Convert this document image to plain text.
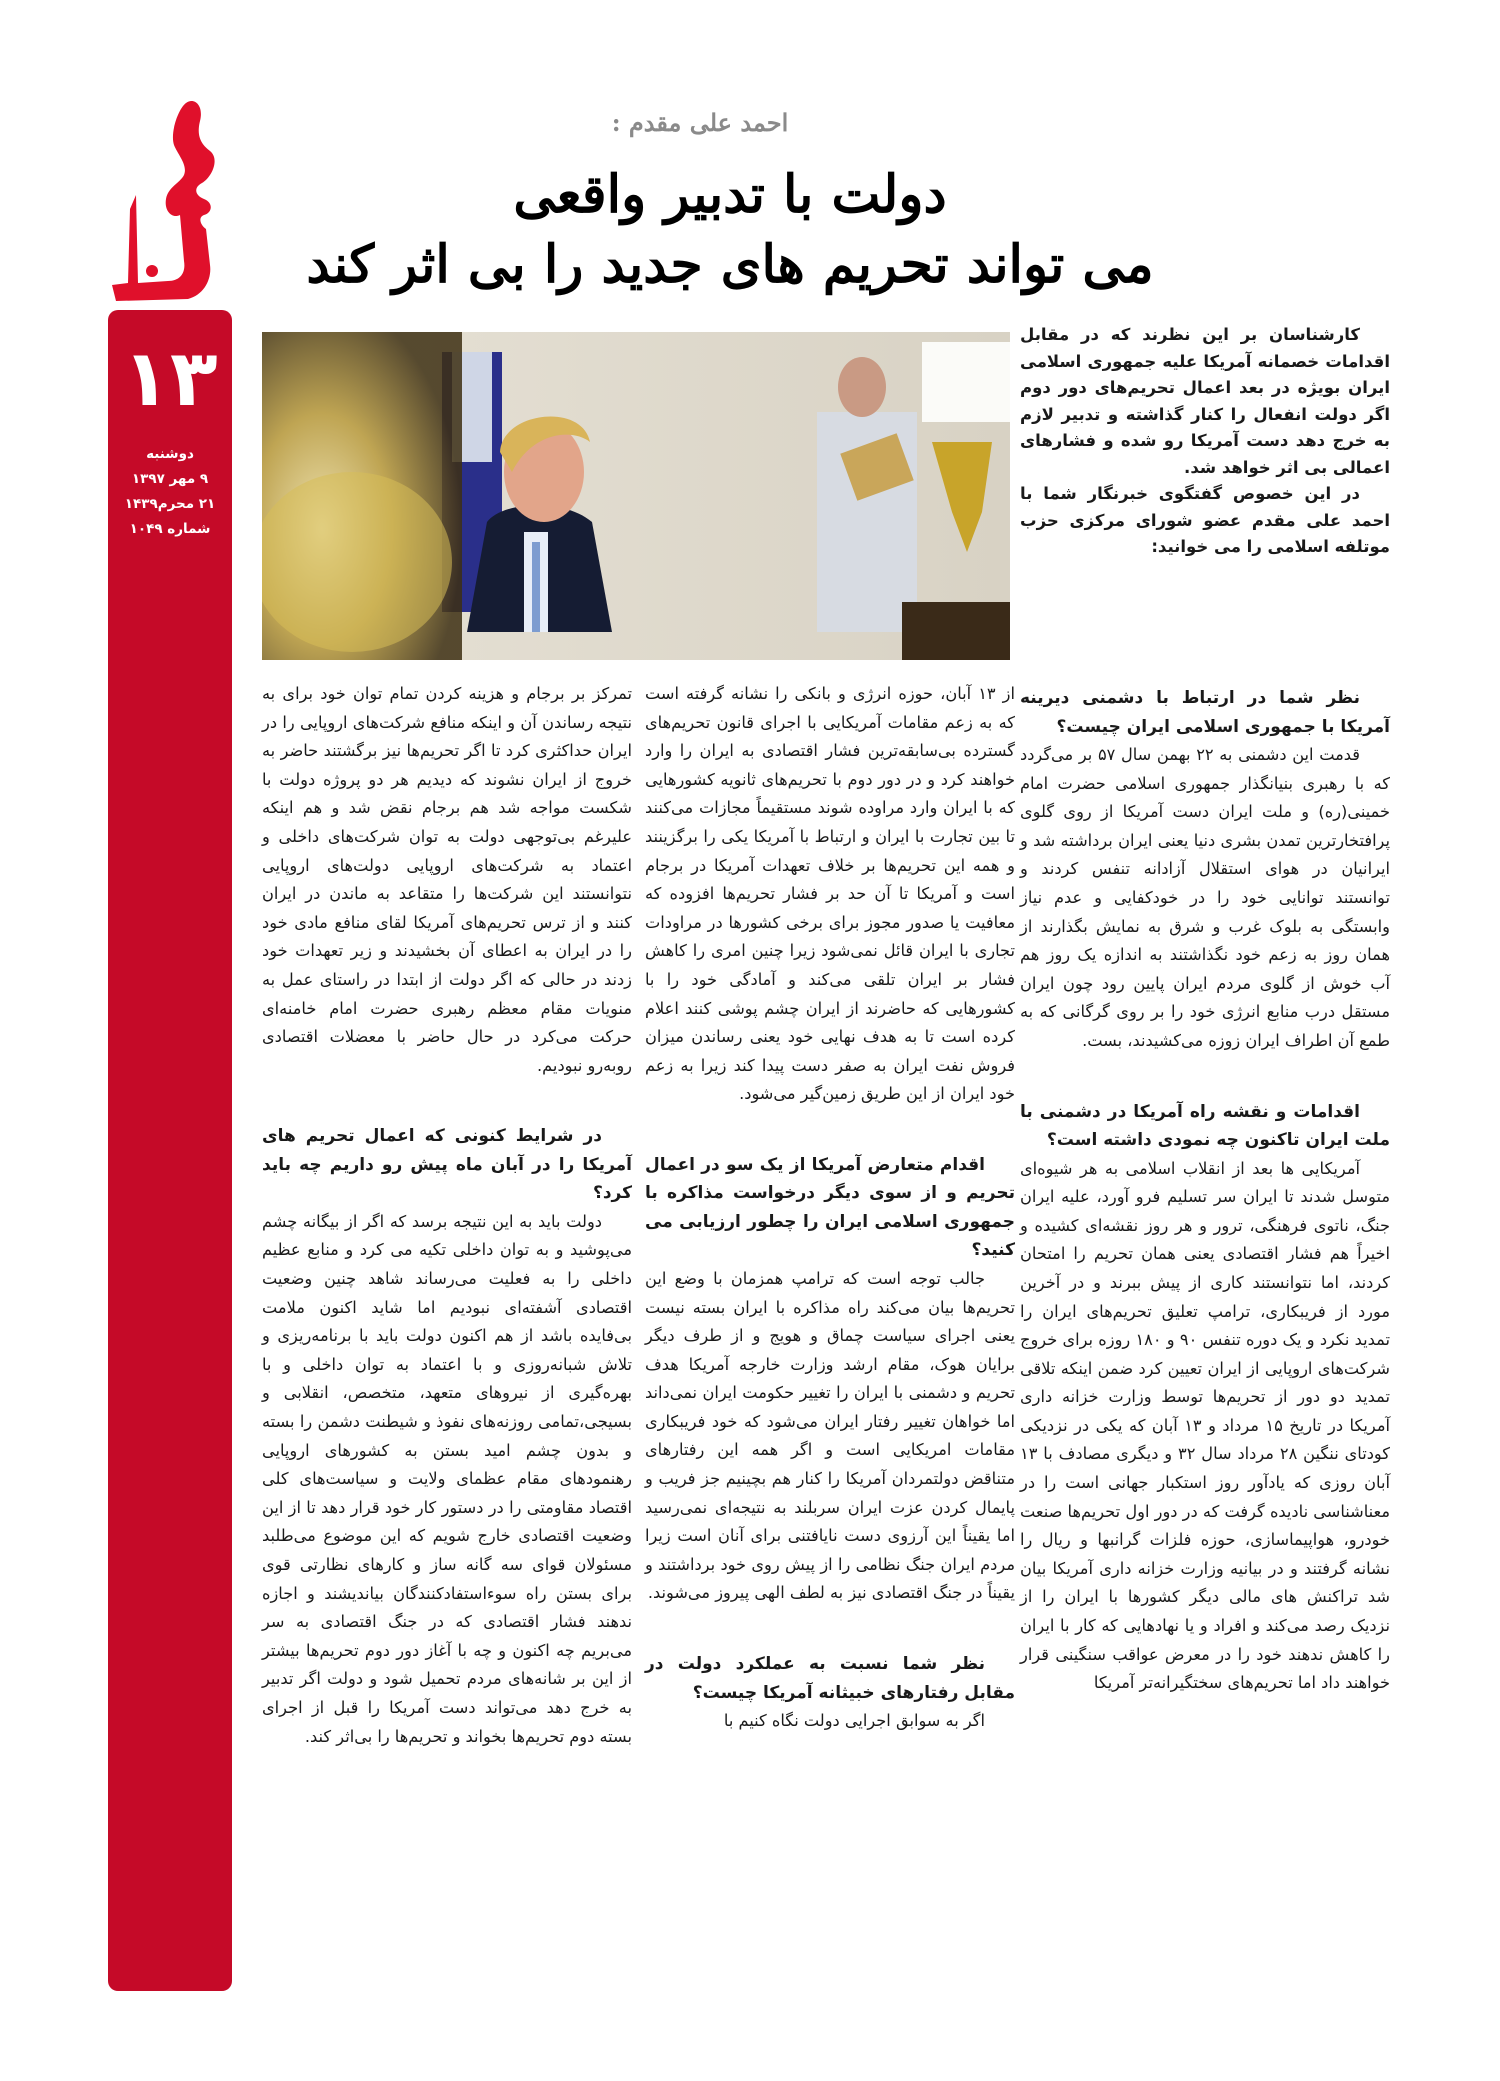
۱۳
دوشنبه
۹ مهر ۱۳۹۷
۲۱ محرم۱۴۳۹
شماره ۱۰۴۹
احمد علی مقدم :
دولت با تدبیر واقعی
می تواند تحریم های جدید را بی اثر کند

کارشناسان بر این نظرند که در مقابل اقدامات خصمانه آمریکا علیه جمهوری اسلامی ایران بویژه در بعد اعمال تحریم‌های دور دوم اگر دولت انفعال را کنار گذاشته و تدبیر لازم به خرج دهد دست آمریکا رو شده و فشارهای اعمالی بی اثر خواهد شد.

در این خصوص گفتگوی خبرنگار شما با احمد علی مقدم عضو شورای مرکزی حزب موتلفه اسلامی را می خوانید:

نظر شما در ارتباط با دشمنی دیرینه آمریکا با جمهوری اسلامی ایران چیست؟

قدمت این دشمنی به ۲۲ بهمن سال ۵۷ بر می‌گردد که با رهبری بنیانگذار جمهوری اسلامی حضرت امام خمینی(ره) و ملت ایران دست آمریکا از روی گلوی پرافتخارترین تمدن بشری دنیا یعنی ایران برداشته شد و ایرانیان در هوای استقلال آزادانه تنفس کردند و توانستند توانایی خود را در خودکفایی و عدم نیاز وابستگی به بلوک غرب و شرق به نمایش بگذارند از همان روز به زعم خود نگذاشتند به اندازه یک روز هم آب خوش از گلوی مردم ایران پایین رود چون ایران مستقل درب منابع انرژی خود را بر روی گرگانی که به طمع آن اطراف ایران زوزه می‌کشیدند، بست.

اقدامات و نقشه راه آمریکا در دشمنی با ملت ایران تاکنون چه نمودی داشته است؟

آمریکایی ها بعد از انقلاب اسلامی به هر شیوه‌ای متوسل شدند تا ایران سر تسلیم فرو آورد، علیه ایران جنگ، ناتوی فرهنگی، ترور و هر روز نقشه‌ای کشیده و اخیراً هم فشار اقتصادی یعنی همان تحریم را امتحان کردند، اما نتوانستند کاری از پیش ببرند و در آخرین مورد از فریبکاری، ترامپ تعلیق تحریم‌های ایران را تمدید نکرد و یک دوره تنفس ۹۰ و ۱۸۰ روزه برای خروج شرکت‌های اروپایی از ایران تعیین کرد ضمن اینکه تلاقی تمدید دو دور از تحریم‌ها توسط وزارت خزانه داری آمریکا در تاریخ ۱۵ مرداد و ۱۳ آبان که یکی در نزدیکی کودتای ننگین ۲۸ مرداد سال ۳۲ و دیگری مصادف با ۱۳ آبان روزی که یادآور روز استکبار جهانی است را در معناشناسی نادیده گرفت که در دور اول تحریم‌ها صنعت خودرو، هواپیماسازی، حوزه فلزات گرانبها و ریال را نشانه گرفتند و در بیانیه وزارت خزانه داری آمریکا بیان شد تراکنش های مالی دیگر کشورها با ایران را از نزدیک رصد می‌کند و افراد و یا نهادهایی که کار با ایران را کاهش ندهند خود را در معرض عواقب سنگینی قرار خواهند داد اما تحریم‌های سختگیرانه‌تر آمریکا

از ۱۳ آبان، حوزه انرژی و بانکی را نشانه گرفته است که به زعم مقامات آمریکایی با اجرای قانون تحریم‌های گسترده بی‌سابقه‌ترین فشار اقتصادی به ایران را وارد خواهند کرد و در دور دوم با تحریم‌های ثانویه کشورهایی که با ایران وارد مراوده شوند مستقیماً مجازات می‌کنند تا بین تجارت با ایران و ارتباط با آمریکا یکی را برگزینند و همه این تحریم‌ها بر خلاف تعهدات آمریکا در برجام است و آمریکا تا آن حد بر فشار تحریم‌ها افزوده که معافیت یا صدور مجوز برای برخی کشورها در مراودات تجاری با ایران قائل نمی‌شود زیرا چنین امری را کاهش فشار بر ایران تلقی می‌کند و آمادگی خود را با کشورهایی که حاضرند از ایران چشم پوشی کنند اعلام کرده است تا به هدف نهایی خود یعنی رساندن میزان فروش نفت ایران به صفر دست پیدا کند زیرا به زعم خود ایران از این طریق زمین‌گیر می‌شود.

اقدام متعارض آمریکا از یک سو در اعمال تحریم و از سوی دیگر درخواست مذاکره با جمهوری اسلامی ایران را چطور ارزیابی می کنید؟

جالب توجه است که ترامپ همزمان با وضع این تحریم‌ها بیان می‌کند راه مذاکره با ایران بسته نیست یعنی اجرای سیاست چماق و هویج و از طرف دیگر برایان هوک، مقام ارشد وزارت خارجه آمریکا هدف تحریم و دشمنی با ایران را تغییر حکومت ایران نمی‌داند اما خواهان تغییر رفتار ایران می‌شود که خود فریبکاری مقامات امریکایی است و اگر همه این رفتارهای متناقض دولتمردان آمریکا را کنار هم بچینیم جز فریب و پایمال کردن عزت ایران سربلند به نتیجه‌ای نمی‌رسید اما یقیناً این آرزوی دست نایافتنی برای آنان است زیرا مردم ایران جنگ نظامی را از پیش روی خود برداشتند و یقیناً در جنگ اقتصادی نیز به لطف الهی پیروز می‌شوند.

نظر شما نسبت به عملکرد دولت در مقابل رفتارهای خبیثانه آمریکا چیست؟

اگر به سوابق اجرایی دولت نگاه کنیم با

تمرکز بر برجام و هزینه کردن تمام توان خود برای به نتیجه رساندن آن و اینکه منافع شرکت‌های اروپایی را در ایران حداکثری کرد تا اگر تحریم‌ها نیز برگشتند حاضر به خروج از ایران نشوند که دیدیم هر دو پروژه دولت با شکست مواجه شد هم برجام نقض شد و هم اینکه علیرغم بی‌توجهی دولت به توان شرکت‌های داخلی و اعتماد به شرکت‌های اروپایی دولت‌های اروپایی نتوانستند این شرکت‌ها را متقاعد به ماندن در ایران کنند و از ترس تحریم‌های آمریکا لقای منافع مادی خود را در ایران به اعطای آن بخشیدند و زیر تعهدات خود زدند در حالی که اگر دولت از ابتدا در راستای عمل به منویات مقام معظم رهبری حضرت امام خامنه‌ای حرکت می‌کرد در حال حاضر با معضلات اقتصادی روبه‌رو نبودیم.

در شرایط کنونی که اعمال تحریم های آمریکا را در آبان ماه پیش رو داریم چه باید کرد؟

دولت باید به این نتیجه برسد که اگر از بیگانه چشم می‌پوشید و به توان داخلی تکیه می کرد و منابع عظیم داخلی را به فعلیت می‌رساند شاهد چنین وضعیت اقتصادی آشفته‌ای نبودیم اما شاید اکنون ملامت بی‌فایده باشد از هم اکنون دولت باید با برنامه‌ریزی و تلاش شبانه‌روزی و با اعتماد به توان داخلی و با بهره‌گیری از نیروهای متعهد، متخصص، انقلابی و بسیجی،تمامی روزنه‌های نفوذ و شیطنت دشمن را بسته و بدون چشم امید بستن به کشورهای اروپایی رهنمودهای مقام عظمای ولایت و سیاست‌های کلی اقتصاد مقاومتی را در دستور کار خود قرار دهد تا از این وضعیت اقتصادی خارج شویم که این موضوع می‌طلبد مسئولان قوای سه گانه ساز و کارهای نظارتی قوی برای بستن راه سوءاستفادکنندگان بیاندیشند و اجازه ندهند فشار اقتصادی که در جنگ اقتصادی به سر می‌بریم چه اکنون و چه با آغاز دور دوم تحریم‌ها بیشتر از این بر شانه‌های مردم تحمیل شود و دولت اگر تدبیر به خرج دهد می‌تواند دست آمریکا را قبل از اجرای بسته دوم تحریم‌ها بخواند و تحریم‌ها را بی‌اثر کند.
